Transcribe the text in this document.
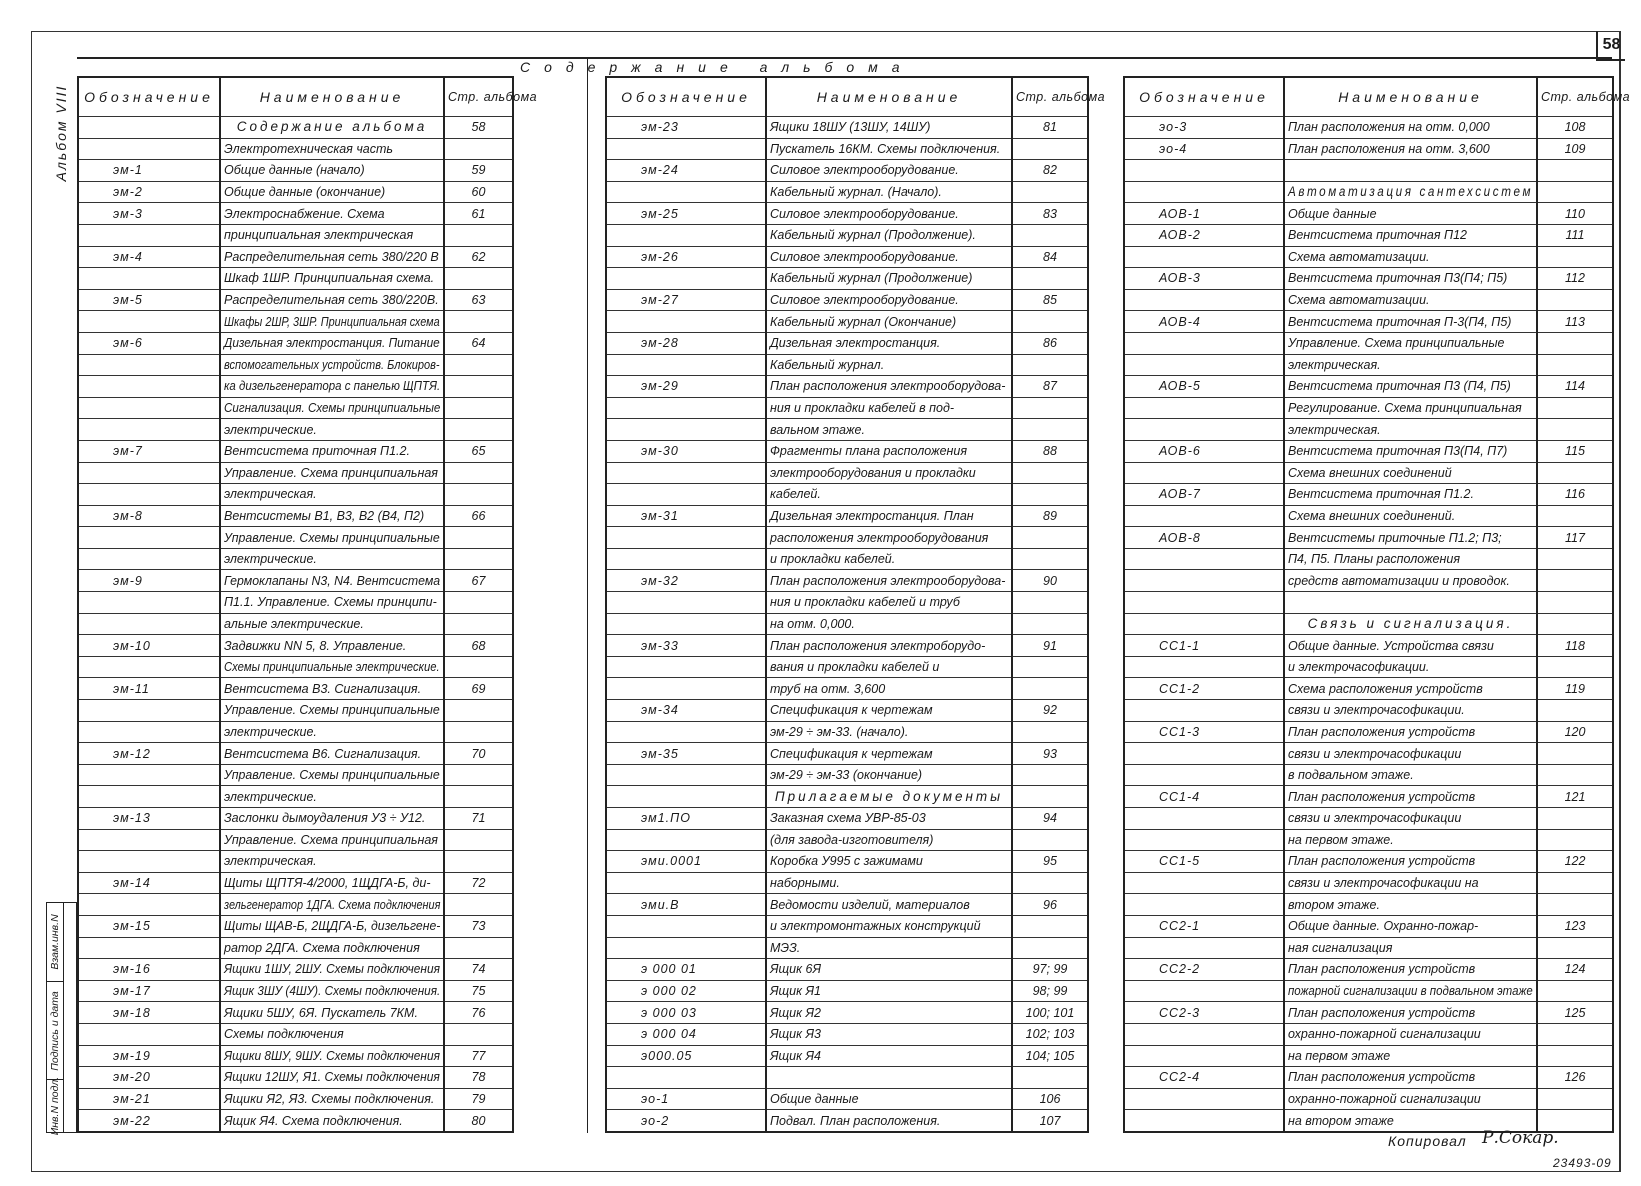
58
Содержание альбома
Альбом VIII
Взам.инв.N
Подпись и дата
Инв.N подл.
Обозначение	Наименование	Стр. альбома
	Содержание альбома	58
	Электротехническая часть	
эм-1	Общие данные (начало)	59
эм-2	Общие данные (окончание)	60
эм-3	Электроснабжение. Схема	61
	принципиальная электрическая	
эм-4	Распределительная сеть 380/220 В	62
	Шкаф 1ШР. Принципиальная схема.	
эм-5	Распределительная сеть 380/220В.	63
	Шкафы 2ШР, 3ШР. Принципиальная схема	
эм-6	Дизельная электростанция. Питание	64
	вспомогательных устройств. Блокиров-	
	ка дизельгенератора с панелью ЩПТЯ.	
	Сигнализация. Схемы принципиальные	
	электрические.	
эм-7	Вентсистема приточная П1.2.	65
	Управление. Схема принципиальная	
	электрическая.	
эм-8	Вентсистемы В1, В3, В2 (В4, П2)	66
	Управление. Схемы принципиальные	
	электрические.	
эм-9	Гермоклапаны N3, N4. Вентсистема	67
	П1.1. Управление. Схемы принципи-	
	альные электрические.	
эм-10	Задвижки NN 5, 8. Управление.	68
	Схемы принципиальные электрические.	
эм-11	Вентсистема В3. Сигнализация.	69
	Управление. Схемы принципиальные	
	электрические.	
эм-12	Вентсистема В6. Сигнализация.	70
	Управление. Схемы принципиальные	
	электрические.	
эм-13	Заслонки дымоудаления У3 ÷ У12.	71
	Управление. Схема принципиальная	
	электрическая.	
эм-14	Щиты ЩПТЯ-4/2000, 1ЩДГА-Б, ди-	72
	зельгенератор 1ДГА. Схема подключения	
эм-15	Щиты ЩАВ-Б, 2ЩДГА-Б, дизельгене-	73
	ратор 2ДГА. Схема подключения	
эм-16	Ящики 1ШУ, 2ШУ. Схемы подключения	74
эм-17	Ящик 3ШУ (4ШУ). Схемы подключения.	75
эм-18	Ящики 5ШУ, 6Я. Пускатель 7КМ.	76
	Схемы подключения	
эм-19	Ящики 8ШУ, 9ШУ. Схемы подключения	77
эм-20	Ящики 12ШУ, Я1. Схемы подключения	78
эм-21	Ящики Я2, Я3. Схемы подключения.	79
эм-22	Ящик Я4. Схема подключения.	80
Обозначение	Наименование	Стр. альбома
эм-23	Ящики 18ШУ (13ШУ, 14ШУ)	81
	Пускатель 16КМ. Схемы подключения.	
эм-24	Силовое электрооборудование.	82
	Кабельный журнал. (Начало).	
эм-25	Силовое электрооборудование.	83
	Кабельный журнал (Продолжение).	
эм-26	Силовое электрооборудование.	84
	Кабельный журнал (Продолжение)	
эм-27	Силовое электрооборудование.	85
	Кабельный журнал (Окончание)	
эм-28	Дизельная электростанция.	86
	Кабельный журнал.	
эм-29	План расположения электрооборудова-	87
	ния и прокладки кабелей в под-	
	вальном этаже.	
эм-30	Фрагменты плана расположения	88
	электрооборудования и прокладки	
	кабелей.	
эм-31	Дизельная электростанция. План	89
	расположения электрооборудования	
	и прокладки кабелей.	
эм-32	План расположения электрооборудова-	90
	ния и прокладки кабелей и труб	
	на отм. 0,000.	
эм-33	План расположения электроборудо-	91
	вания и прокладки кабелей и	
	труб на отм. 3,600	
эм-34	Спецификация к чертежам	92
	эм-29 ÷ эм-33. (начало).	
эм-35	Спецификация к чертежам	93
	эм-29 ÷ эм-33 (окончание)	
	Прилагаемые документы	
эм1.ПО	Заказная схема УВР-85-03	94
	(для завода-изготовителя)	
эми.0001	Коробка У995 с зажимами	95
	наборными.	
эми.В	Ведомости изделий, материалов	96
	и электромонтажных конструкций	
	МЭЗ.	
э 000 01	Ящик 6Я	97; 99
э 000 02	Ящик Я1	98; 99
э 000 03	Ящик Я2	100; 101
э 000 04	Ящик Я3	102; 103
э000.05	Ящик Я4	104; 105

эо-1	Общие данные	106
эо-2	Подвал. План расположения.	107
Обозначение	Наименование	Стр. альбома
эо-3	План расположения на отм. 0,000	108
эо-4	План расположения на отм. 3,600	109

	Автоматизация сантехсистем	
АОВ-1	Общие данные	110
АОВ-2	Вентсистема приточная П12	111
	Схема автоматизации.	
АОВ-3	Вентсистема приточная П3(П4; П5)	112
	Схема автоматизации.	
АОВ-4	Вентсистема приточная П-3(П4, П5)	113
	Управление. Схема принципиальные	
	электрическая.	
АОВ-5	Вентсистема приточная П3 (П4, П5)	114
	Регулирование. Схема принципиальная	
	электрическая.	
АОВ-6	Вентсистема приточная П3(П4, П7)	115
	Схема внешних соединений	
АОВ-7	Вентсистема приточная П1.2.	116
	Схема внешних соединений.	
АОВ-8	Вентсистемы приточные П1.2; П3;	117
	П4, П5. Планы расположения	
	средств автоматизации и проводок.	

	Связь и сигнализация.	
СС1-1	Общие данные. Устройства связи	118
	и электрочасофикации.	
СС1-2	Схема расположения устройств	119
	связи и электрочасофикации.	
СС1-3	План расположения устройств	120
	связи и электрочасофикации	
	в подвальном этаже.	
СС1-4	План расположения устройств	121
	связи и электрочасофикации	
	на первом этаже.	
СС1-5	План расположения устройств	122
	связи и электрочасофикации на	
	втором этаже.	
СС2-1	Общие данные. Охранно-пожар-	123
	ная сигнализация	
СС2-2	План расположения устройств	124
	пожарной сигнализации в подвальном этаже	
СС2-3	План расположения устройств	125
	охранно-пожарной сигнализации	
	на первом этаже	
СС2-4	План расположения устройств	126
	охранно-пожарной сигнализации	
	на втором этаже	
Копировал Р.Сокар.
23493-09
